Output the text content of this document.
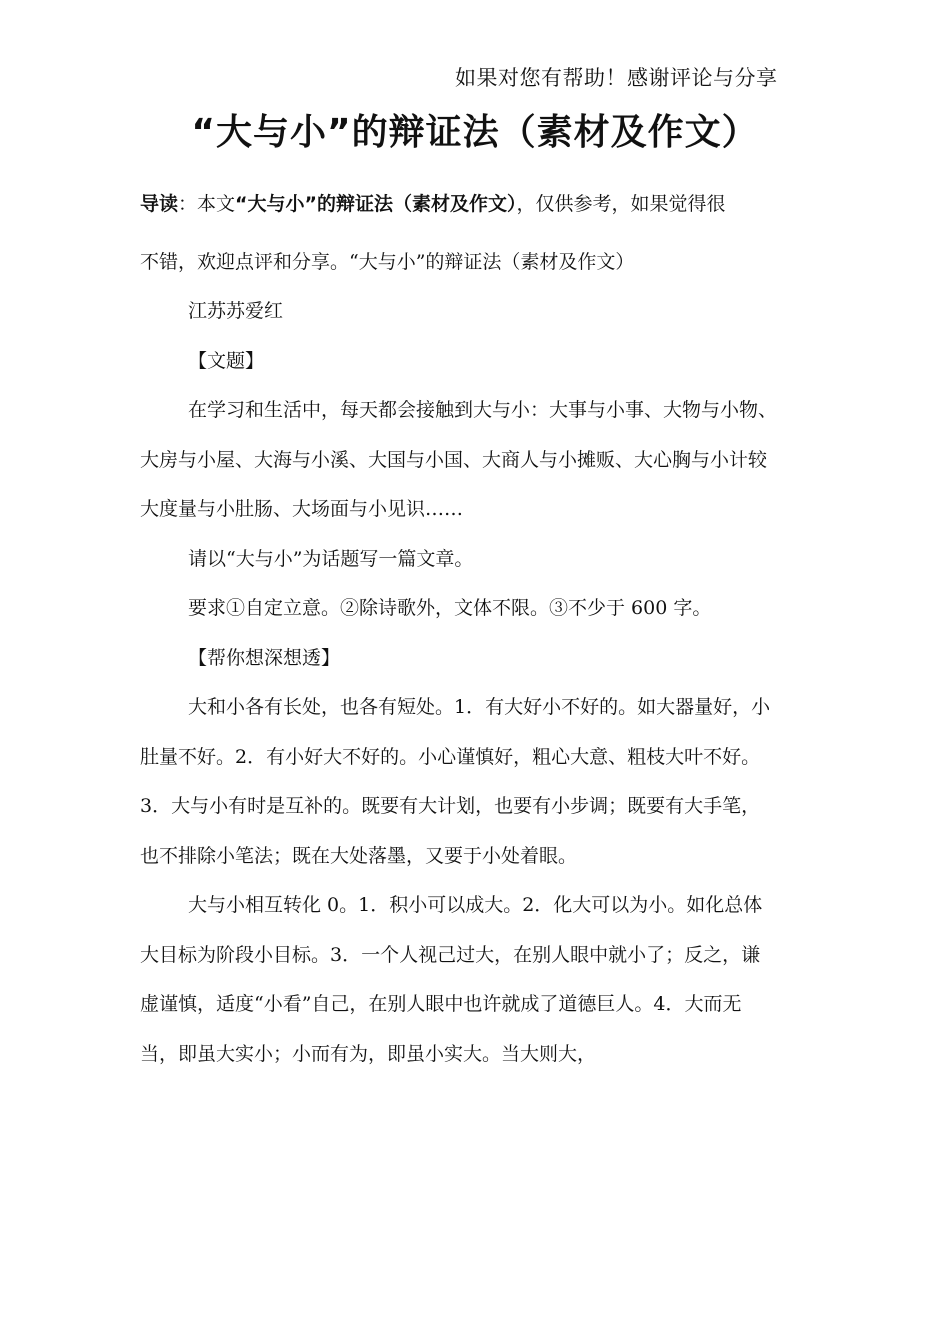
如果对您有帮助！感谢评论与分享
“大与小”的辩证法（素材及作文）
导读：本文“大与小”的辩证法（素材及作文），仅供参考，如果觉得很
不错，欢迎点评和分享。“大与小”的辩证法（素材及作文）
江苏苏爱红
【文题】
在学习和生活中，每天都会接触到大与小：大事与小事、大物与小物、
大房与小屋、大海与小溪、大国与小国、大商人与小摊贩、大心胸与小计较
大度量与小肚肠、大场面与小见识……
请以“大与小”为话题写一篇文章。
要求①自定立意。②除诗歌外，文体不限。③不少于 600 字。
【帮你想深想透】
大和小各有长处，也各有短处。1．有大好小不好的。如大器量好，小
肚量不好。2．有小好大不好的。小心谨慎好，粗心大意、粗枝大叶不好。
3．大与小有时是互补的。既要有大计划，也要有小步调；既要有大手笔，
也不排除小笔法；既在大处落墨，又要于小处着眼。
大与小相互转化 0。1．积小可以成大。2．化大可以为小。如化总体
大目标为阶段小目标。3．一个人视己过大，在别人眼中就小了；反之，谦
虚谨慎，适度“小看”自己，在别人眼中也许就成了道德巨人。4．大而无
当，即虽大实小；小而有为，即虽小实大。当大则大，
